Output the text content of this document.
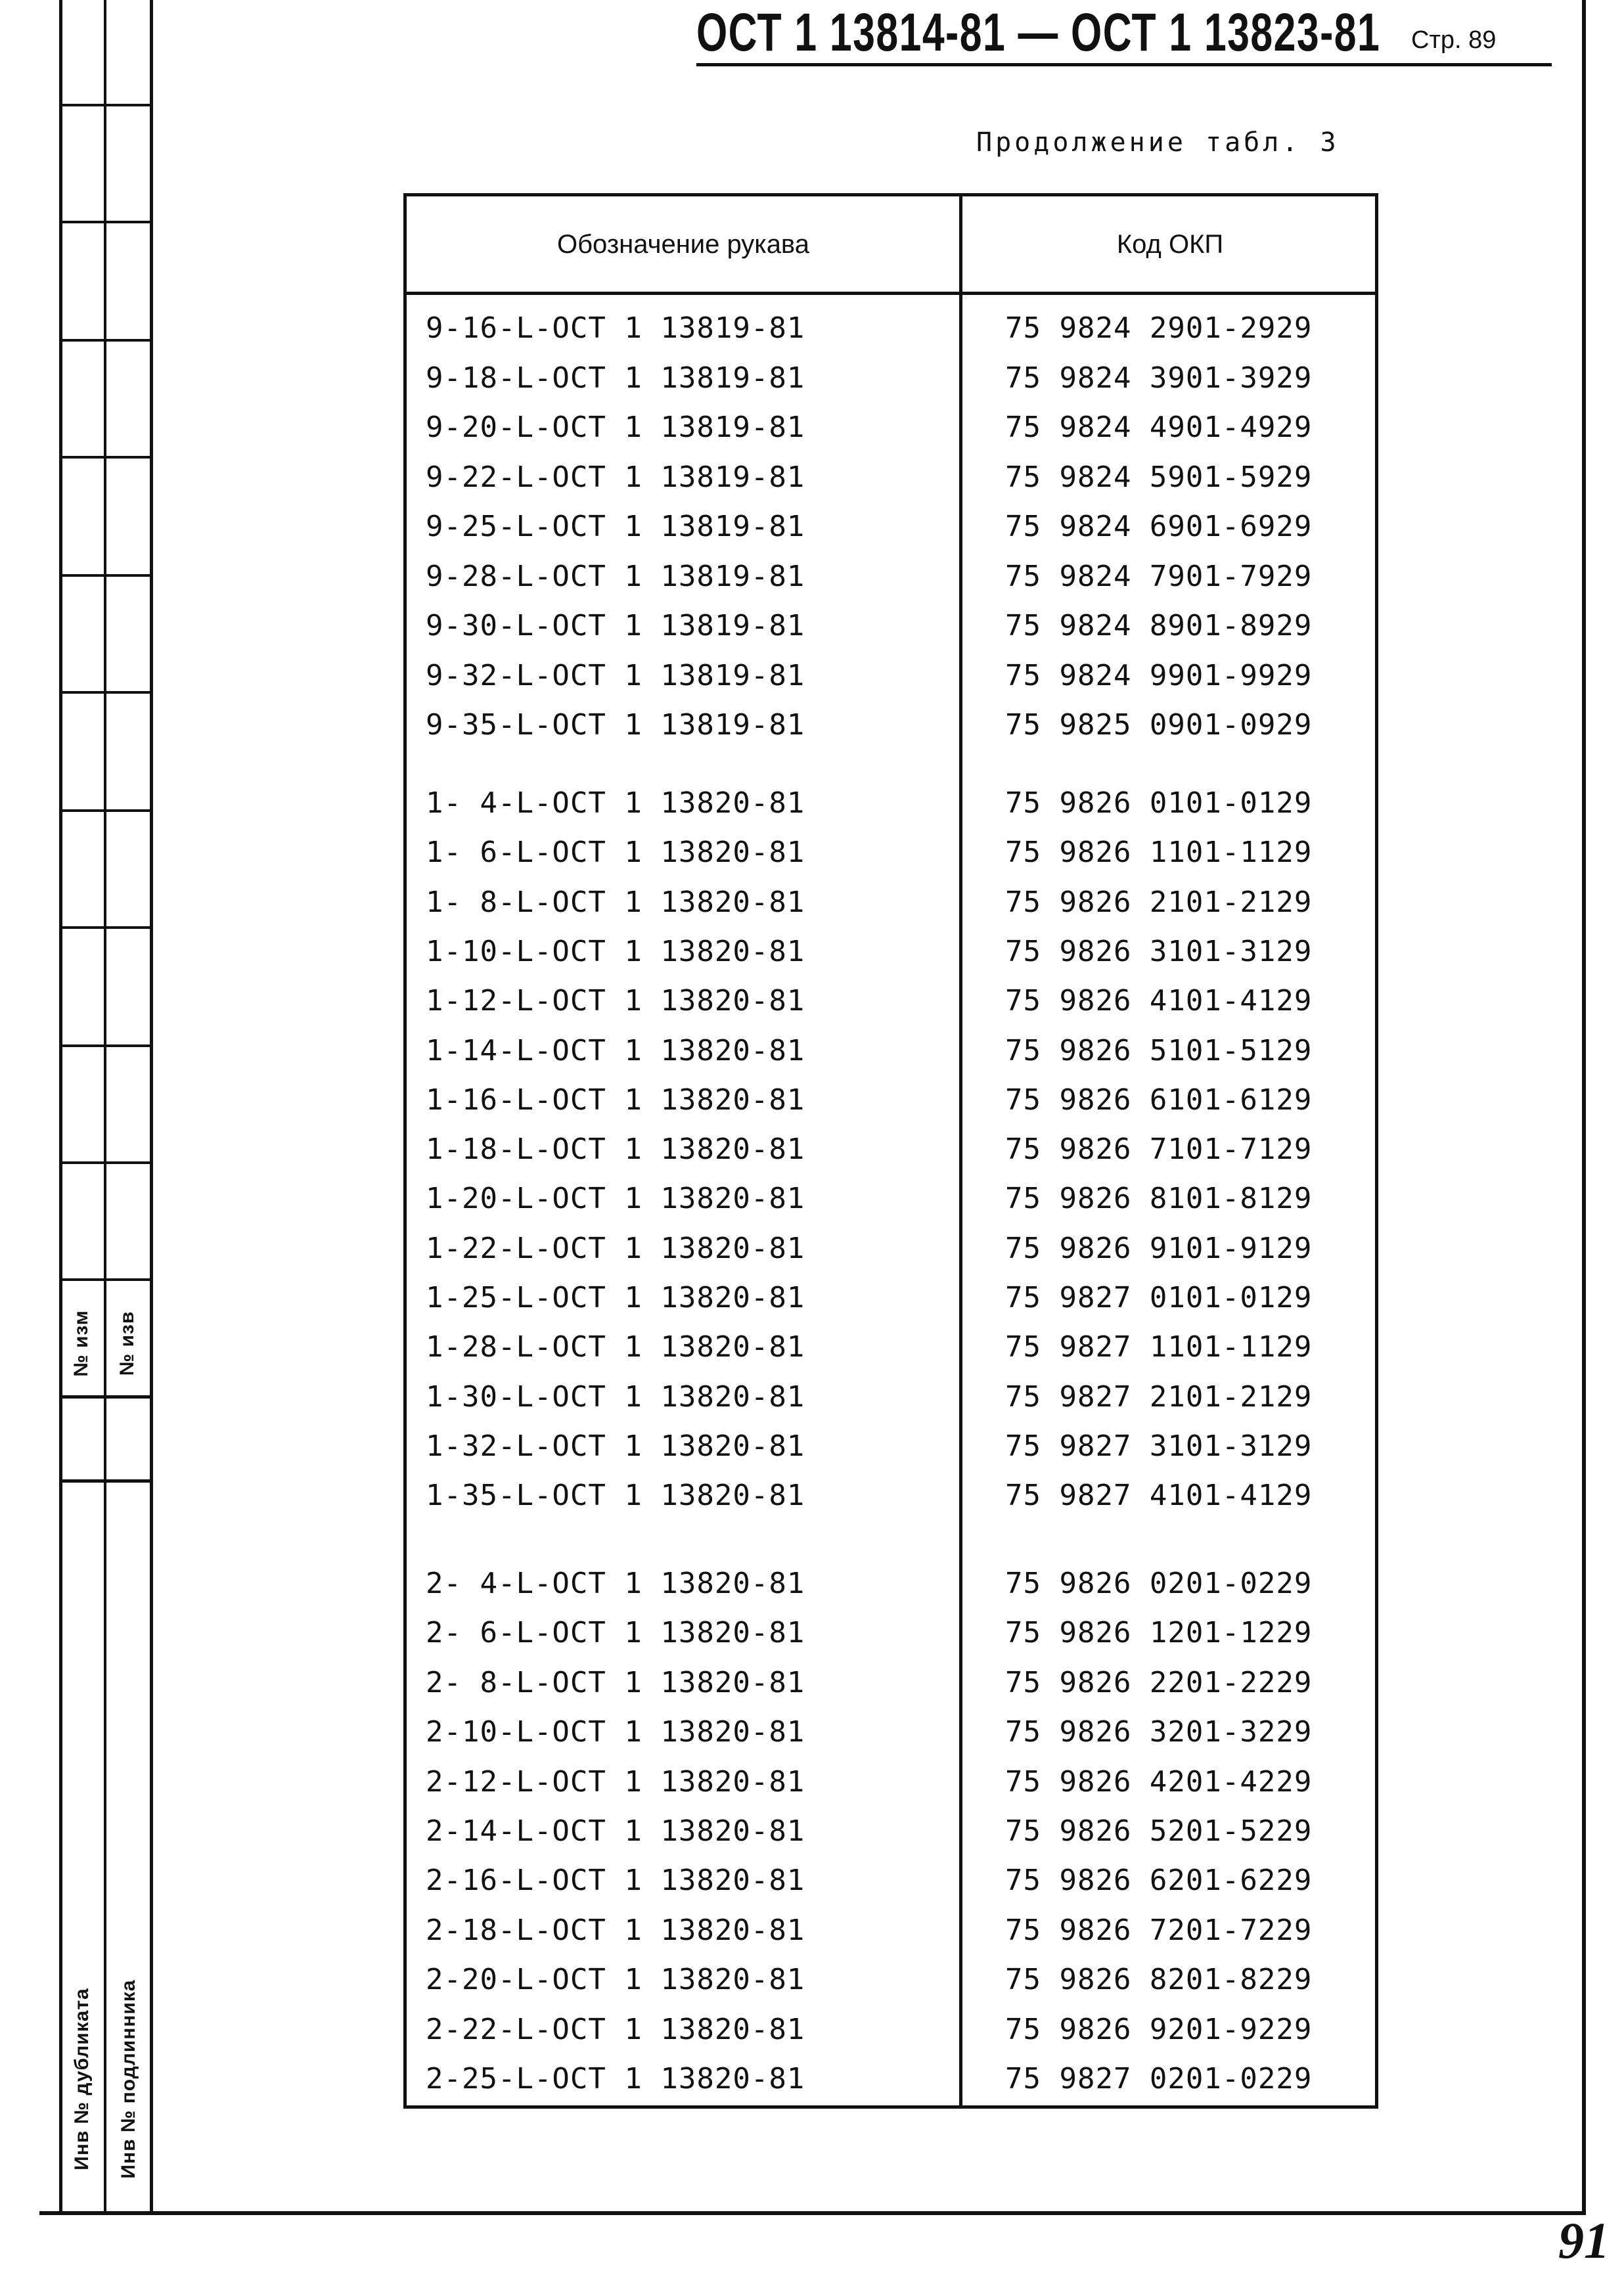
№ изм № изв
Инв № дубликата Инв № подлинника
ОСТ 1 13814-81 — ОСТ 1 13823-81 Стр. 89
Продолжение табл. 3
Обозначение рукава	Код ОКП
9-16-L-ОСТ 1 13819-81	75 9824 2901-2929
9-18-L-ОСТ 1 13819-81	75 9824 3901-3929
9-20-L-ОСТ 1 13819-81	75 9824 4901-4929
9-22-L-ОСТ 1 13819-81	75 9824 5901-5929
9-25-L-ОСТ 1 13819-81	75 9824 6901-6929
9-28-L-ОСТ 1 13819-81	75 9824 7901-7929
9-30-L-ОСТ 1 13819-81	75 9824 8901-8929
9-32-L-ОСТ 1 13819-81	75 9824 9901-9929
9-35-L-ОСТ 1 13819-81	75 9825 0901-0929
1- 4-L-ОСТ 1 13820-81	75 9826 0101-0129
1- 6-L-ОСТ 1 13820-81	75 9826 1101-1129
1- 8-L-ОСТ 1 13820-81	75 9826 2101-2129
1-10-L-ОСТ 1 13820-81	75 9826 3101-3129
1-12-L-ОСТ 1 13820-81	75 9826 4101-4129
1-14-L-ОСТ 1 13820-81	75 9826 5101-5129
1-16-L-ОСТ 1 13820-81	75 9826 6101-6129
1-18-L-ОСТ 1 13820-81	75 9826 7101-7129
1-20-L-ОСТ 1 13820-81	75 9826 8101-8129
1-22-L-ОСТ 1 13820-81	75 9826 9101-9129
1-25-L-ОСТ 1 13820-81	75 9827 0101-0129
1-28-L-ОСТ 1 13820-81	75 9827 1101-1129
1-30-L-ОСТ 1 13820-81	75 9827 2101-2129
1-32-L-ОСТ 1 13820-81	75 9827 3101-3129
1-35-L-ОСТ 1 13820-81	75 9827 4101-4129
2- 4-L-ОСТ 1 13820-81	75 9826 0201-0229
2- 6-L-ОСТ 1 13820-81	75 9826 1201-1229
2- 8-L-ОСТ 1 13820-81	75 9826 2201-2229
2-10-L-ОСТ 1 13820-81	75 9826 3201-3229
2-12-L-ОСТ 1 13820-81	75 9826 4201-4229
2-14-L-ОСТ 1 13820-81	75 9826 5201-5229
2-16-L-ОСТ 1 13820-81	75 9826 6201-6229
2-18-L-ОСТ 1 13820-81	75 9826 7201-7229
2-20-L-ОСТ 1 13820-81	75 9826 8201-8229
2-22-L-ОСТ 1 13820-81	75 9826 9201-9229
2-25-L-ОСТ 1 13820-81	75 9827 0201-0229
91
